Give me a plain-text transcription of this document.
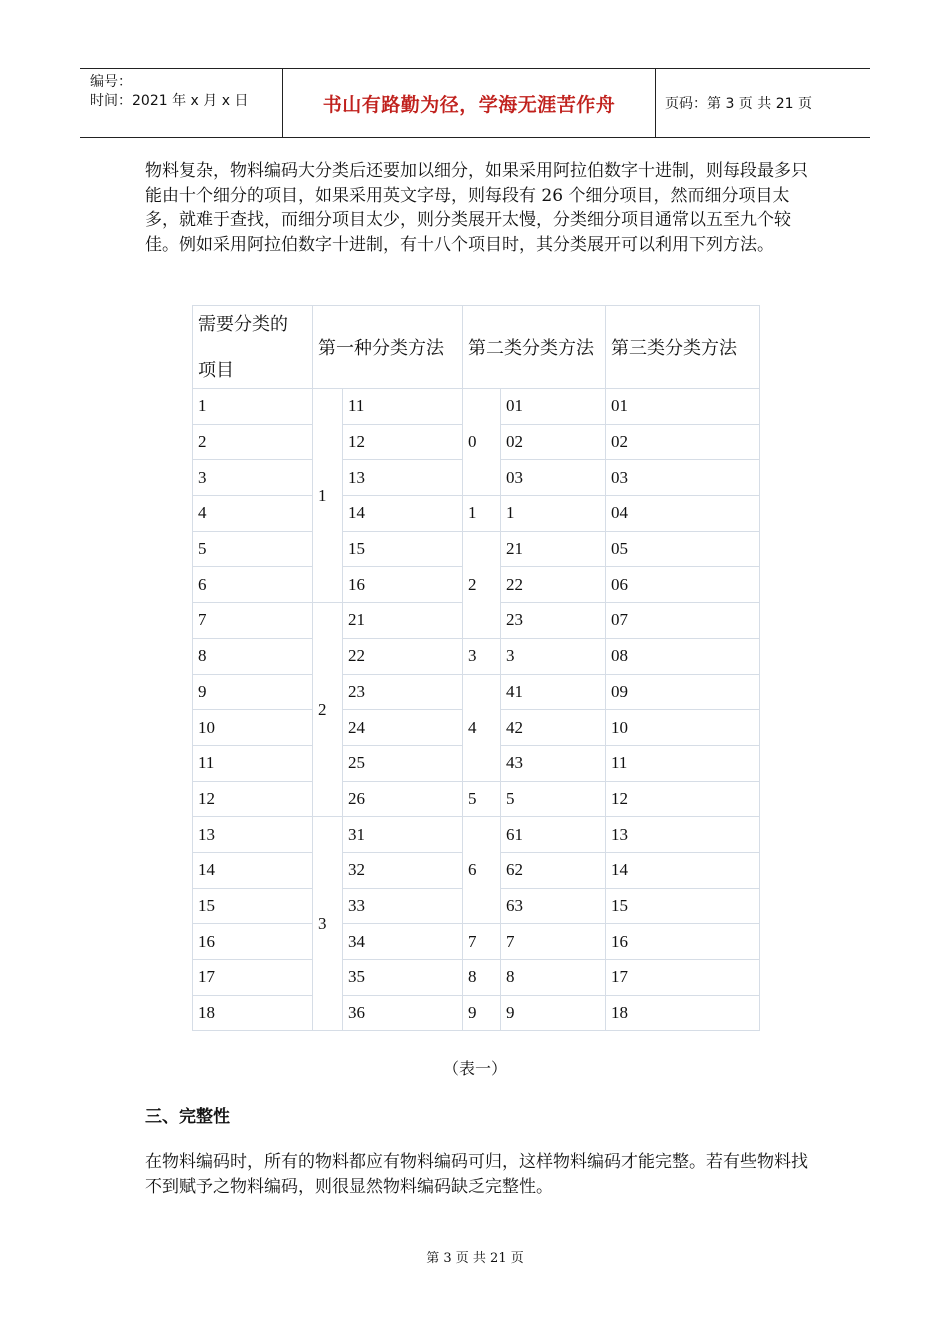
编号：
时间：2021 年 x 月 x 日	书山有路勤为径，学海无涯苦作舟	页码：第 3 页 共 21 页

物料复杂，物料编码大分类后还要加以细分，如果采用阿拉伯数字十进制，则每段最多只能由十个细分的项目，如果采用英文字母，则每段有 26 个细分项目，然而细分项目太多，就难于查找，而细分项目太少，则分类展开太慢，分类细分项目通常以五至九个较佳。例如采用阿拉伯数字十进制，有十八个项目时，其分类展开可以利用下列方法。

需要分类的
项目	第一种分类方法		第二类分类方法		第三类分类方法
1	1	11	0	01	01
2		12		02	02
3		13		03	03
4		14	1	1	04
5		15	2	21	05
6		16		22	06
7	2	21		23	07
8		22	3	3	08
9		23	4	41	09
10		24		42	10
11		25		43	11
12		26	5	5	12
13	3	31	6	61	13
14		32		62	14
15		33		63	15
16		34	7	7	16
17		35	8	8	17
18		36	9	9	18
（表一）
三、完整性

在物料编码时，所有的物料都应有物料编码可归，这样物料编码才能完整。若有些物料找不到赋予之物料编码，则很显然物料编码缺乏完整性。

第 3 页 共 21 页
